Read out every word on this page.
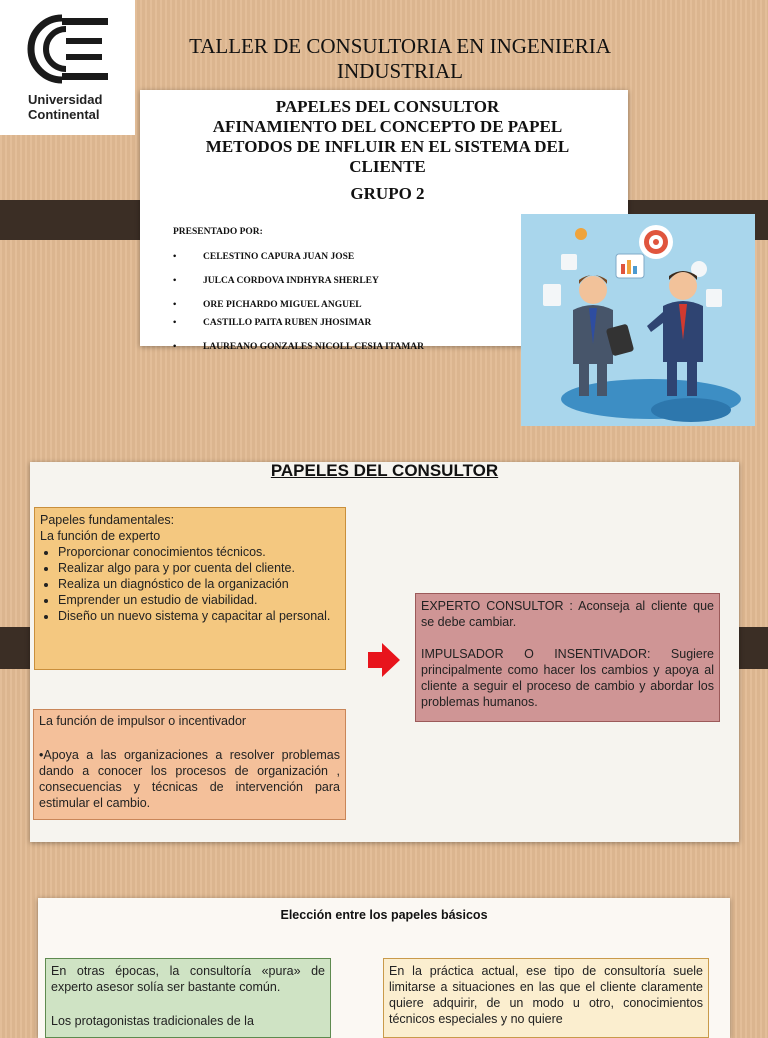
Universidad Continental
TALLER DE CONSULTORIA EN INGENIERIA INDUSTRIAL
PAPELES DEL CONSULTOR
AFINAMIENTO DEL CONCEPTO DE PAPEL
METODOS DE INFLUIR EN EL SISTEMA DEL CLIENTE
GRUPO 2
PRESENTADO POR:
•	CELESTINO CAPURA JUAN JOSE
•	JULCA CORDOVA INDHYRA SHERLEY
•	ORE PICHARDO MIGUEL ANGUEL
•	CASTILLO PAITA RUBEN JHOSIMAR
•	LAUREANO GONZALES NICOLL CESIA ITAMAR
PAPELES DEL CONSULTOR
Papeles fundamentales:
La función de experto
• Proporcionar conocimientos técnicos.
• Realizar algo para y por cuenta del cliente.
• Realiza un diagnóstico de la organización
• Emprender un estudio de viabilidad.
• Diseño un nuevo sistema y capacitar al personal.
La función de impulsor o incentivador
•Apoya a las organizaciones a resolver problemas dando a conocer los procesos de organización , consecuencias y técnicas de intervención para estimular el cambio.
EXPERTO CONSULTOR : Aconseja al cliente que se debe cambiar.
IMPULSADOR O INSENTIVADOR: Sugiere principalmente como hacer los cambios y apoya al cliente a seguir el proceso de cambio y abordar los problemas humanos.
Elección entre los papeles básicos
En otras épocas, la consultoría «pura» de experto asesor solía ser bastante común.
Los protagonistas tradicionales de la
En la práctica actual, ese tipo de consultoría suele limitarse a situaciones en las que el cliente claramente quiere adquirir, de un modo u otro, conocimientos técnicos especiales y no quiere
